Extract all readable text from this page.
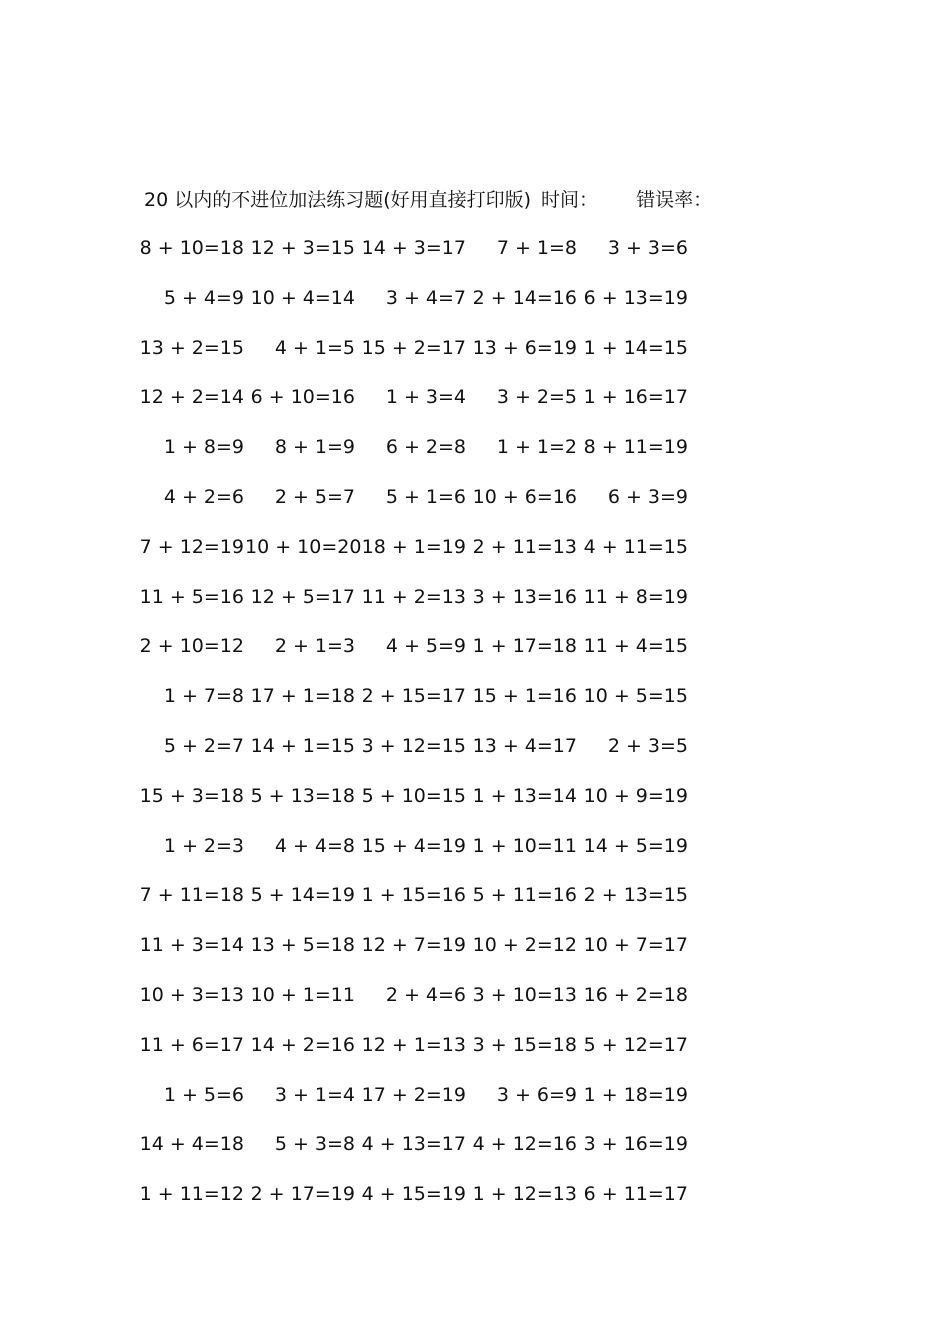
20 以内的不进位加法练习题(好用直接打印版) 时间： 错误率：
8 + 10=18 12 + 3=15 14 + 3=17	7 + 1=8	3 + 3=6
5 + 4=9 10 + 4=14	3 + 4=7 2 + 14=16 6 + 13=19
13 + 2=15	4 + 1=5 15 + 2=17 13 + 6=19 1 + 14=15
12 + 2=14 6 + 10=16	1 + 3=4	3 + 2=5 1 + 16=17
1 + 8=9	8 + 1=9	6 + 2=8	1 + 1=2 8 + 11=19
4 + 2=6	2 + 5=7	5 + 1=6 10 + 6=16	6 + 3=9
7 + 12=19 10 + 10=20 18 + 1=19 2 + 11=13 4 + 11=15
11 + 5=16 12 + 5=17 11 + 2=13 3 + 13=16 11 + 8=19
2 + 10=12	2 + 1=3	4 + 5=9 1 + 17=18 11 + 4=15
1 + 7=8 17 + 1=18 2 + 15=17 15 + 1=16 10 + 5=15
5 + 2=7 14 + 1=15 3 + 12=15 13 + 4=17	2 + 3=5
15 + 3=18 5 + 13=18 5 + 10=15 1 + 13=14 10 + 9=19
1 + 2=3	4 + 4=8 15 + 4=19 1 + 10=11 14 + 5=19
7 + 11=18 5 + 14=19 1 + 15=16 5 + 11=16 2 + 13=15
11 + 3=14 13 + 5=18 12 + 7=19 10 + 2=12 10 + 7=17
10 + 3=13 10 + 1=11	2 + 4=6 3 + 10=13 16 + 2=18
11 + 6=17 14 + 2=16 12 + 1=13 3 + 15=18 5 + 12=17
1 + 5=6	3 + 1=4 17 + 2=19	3 + 6=9 1 + 18=19
14 + 4=18	5 + 3=8 4 + 13=17 4 + 12=16 3 + 16=19
1 + 11=12 2 + 17=19 4 + 15=19 1 + 12=13 6 + 11=17
